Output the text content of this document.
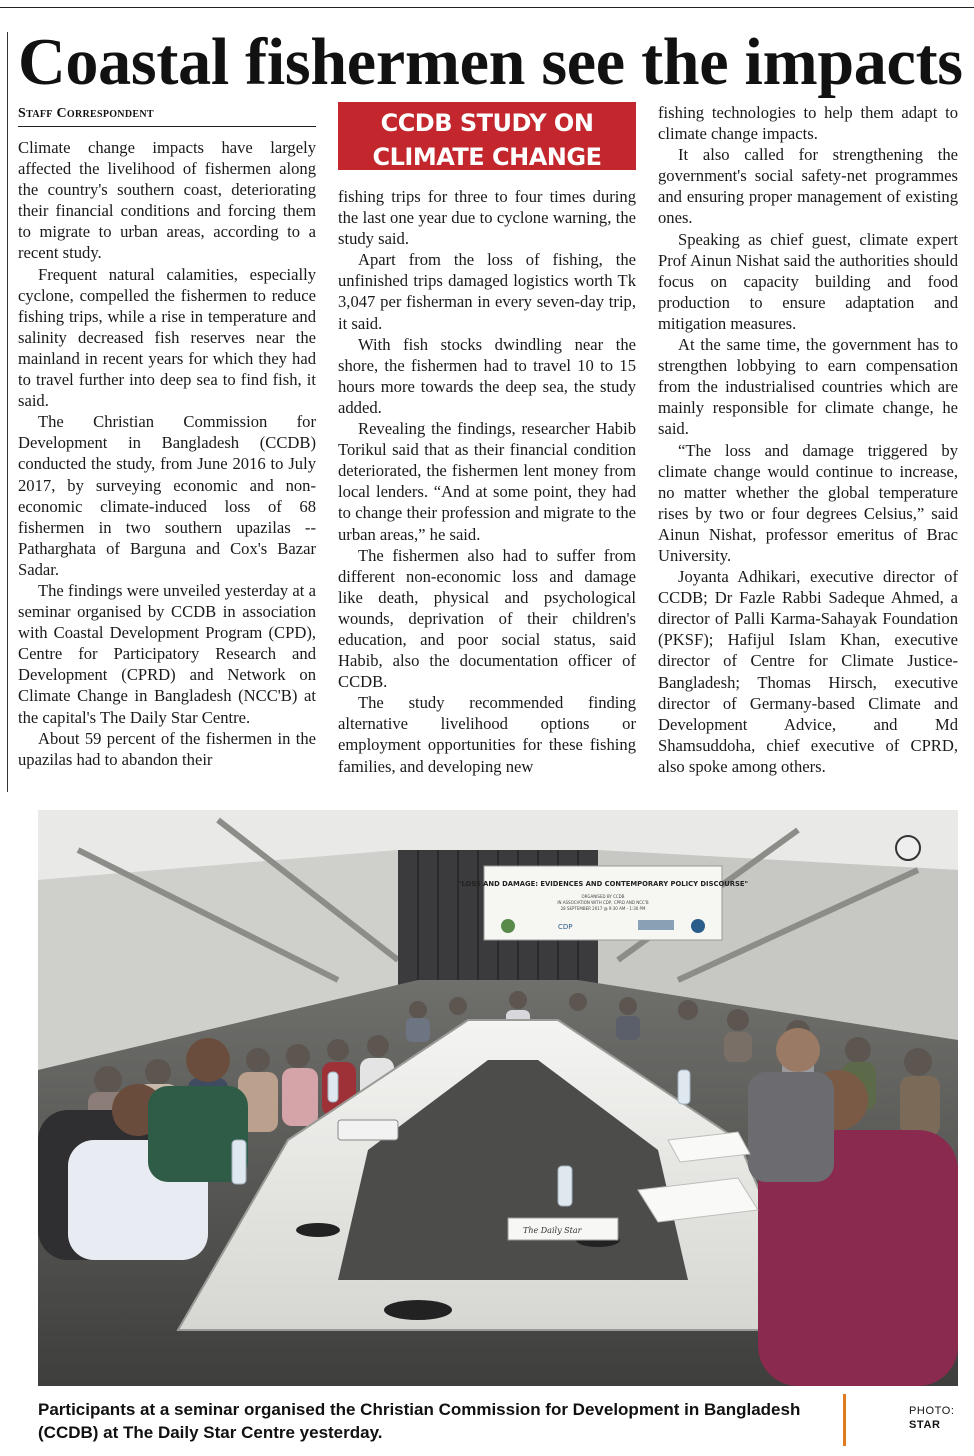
Coastal fishermen see the impacts
Staff Correspondent

Climate change impacts have largely affected the livelihood of fishermen along the country's southern coast, deteriorating their financial conditions and forcing them to migrate to urban areas, according to a recent study.

Frequent natural calamities, especially cyclone, compelled the fishermen to reduce fishing trips, while a rise in temperature and salinity decreased fish reserves near the mainland in recent years for which they had to travel further into deep sea to find fish, it said.

The Christian Commission for Development in Bangladesh (CCDB) conducted the study, from June 2016 to July 2017, by surveying economic and non-economic climate-induced loss of 68 fishermen in two southern upazilas -- Patharghata of Barguna and Cox's Bazar Sadar.

The findings were unveiled yesterday at a seminar organised by CCDB in association with Coastal Development Program (CPD), Centre for Participatory Research and Development (CPRD) and Network on Climate Change in Bangladesh (NCC'B) at the capital's The Daily Star Centre.

About 59 percent of the fishermen in the upazilas had to abandon their

CCDB STUDY ON
CLIMATE CHANGE

fishing trips for three to four times during the last one year due to cyclone warning, the study said.

Apart from the loss of fishing, the unfinished trips damaged logistics worth Tk 3,047 per fisherman in every seven-day trip, it said.

With fish stocks dwindling near the shore, the fishermen had to travel 10 to 15 hours more towards the deep sea, the study added.

Revealing the findings, researcher Habib Torikul said that as their financial condition deteriorated, the fishermen lent money from local lenders. “And at some point, they had to change their profession and migrate to the urban areas,” he said.

The fishermen also had to suffer from different non-economic loss and damage like death, physical and psychological wounds, deprivation of their children's education, and poor social status, said Habib, also the documentation officer of CCDB.

The study recommended finding alternative livelihood options or employment opportunities for these fishing families, and developing new

fishing technologies to help them adapt to climate change impacts.

It also called for strengthening the government's social safety-net programmes and ensuring proper management of existing ones.

Speaking as chief guest, climate expert Prof Ainun Nishat said the authorities should focus on capacity building and food production to ensure adaptation and mitigation measures.

At the same time, the government has to strengthen lobbying to earn compensation from the industrialised countries which are mainly responsible for climate change, he said.

“The loss and damage triggered by climate change would continue to increase, no matter whether the global temperature rises by two or four degrees Celsius,” said Ainun Nishat, professor emeritus of Brac University.

Joyanta Adhikari, executive director of CCDB; Dr Fazle Rabbi Sadeque Ahmed, a director of Palli Karma-Sahayak Foundation (PKSF); Hafijul Islam Khan, executive director of Centre for Climate Justice-Bangladesh; Thomas Hirsch, executive director of Germany-based Climate and Development Advice, and Md Shamsuddoha, chief executive of CPRD, also spoke among others.

"LOSS AND DAMAGE: EVIDENCES AND CONTEMPORARY POLICY DISCOURSE"
ORGANISED BY CCDB
IN ASSOCIATION WITH CDP, CPRD AND NCC'B
28 SEPTEMBER 2017 @ 9:30 AM - 1:30 PM
CDP
The Daily Star
Participants at a seminar organised the Christian Commission for Development in Bangladesh (CCDB) at The Daily Star Centre yesterday.
PHOTO:
STAR
